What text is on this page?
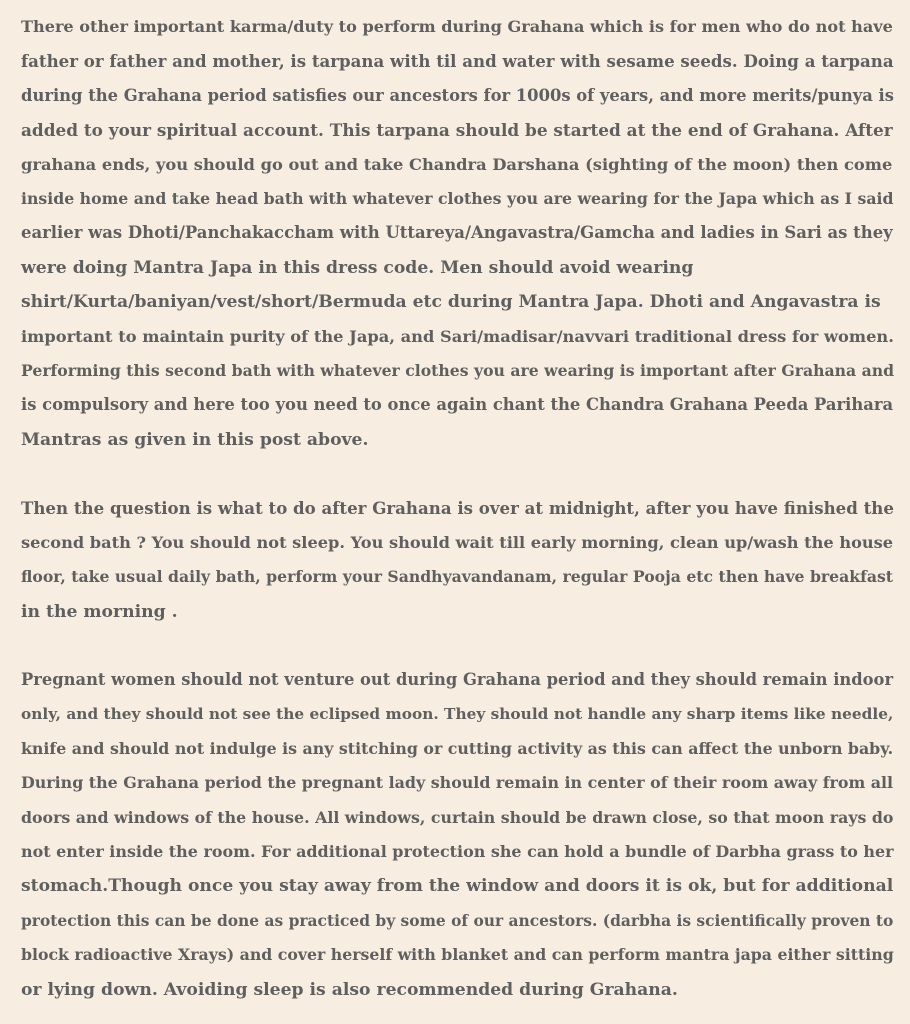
There other important karma/duty to perform during Grahana which is for men who do not have
father or father and mother, is tarpana with til and water with sesame seeds. Doing a tarpana
during the Grahana period satisfies our ancestors for 1000s of years, and more merits/punya is
added to your spiritual account. This tarpana should be started at the end of Grahana. After
grahana ends, you should go out and take Chandra Darshana (sighting of the moon) then come
inside home and take head bath with whatever clothes you are wearing for the Japa which as I said
earlier was Dhoti/Panchakaccham with Uttareya/Angavastra/Gamcha and ladies in Sari as they
were doing Mantra Japa in this dress code. Men should avoid wearing
shirt/Kurta/baniyan/vest/short/Bermuda etc during Mantra Japa. Dhoti and Angavastra is
important to maintain purity of the Japa, and Sari/madisar/navvari traditional dress for women.
Performing this second bath with whatever clothes you are wearing is important after Grahana and
is compulsory and here too you need to once again chant the Chandra Grahana Peeda Parihara
Mantras as given in this post above.

Then the question is what to do after Grahana is over at midnight, after you have finished the
second bath ? You should not sleep. You should wait till early morning, clean up/wash the house
floor, take usual daily bath, perform your Sandhyavandanam, regular Pooja etc then have breakfast
in the morning .

Pregnant women should not venture out during Grahana period and they should remain indoor
only, and they should not see the eclipsed moon. They should not handle any sharp items like needle,
knife and should not indulge is any stitching or cutting activity as this can affect the unborn baby.
During the Grahana period the pregnant lady should remain in center of their room away from all
doors and windows of the house. All windows, curtain should be drawn close, so that moon rays do
not enter inside the room. For additional protection she can hold a bundle of Darbha grass to her
stomach.Though once you stay away from the window and doors it is ok, but for additional
protection this can be done as practiced by some of our ancestors. (darbha is scientifically proven to
block radioactive Xrays) and cover herself with blanket and can perform mantra japa either sitting
or lying down. Avoiding sleep is also recommended during Grahana.
